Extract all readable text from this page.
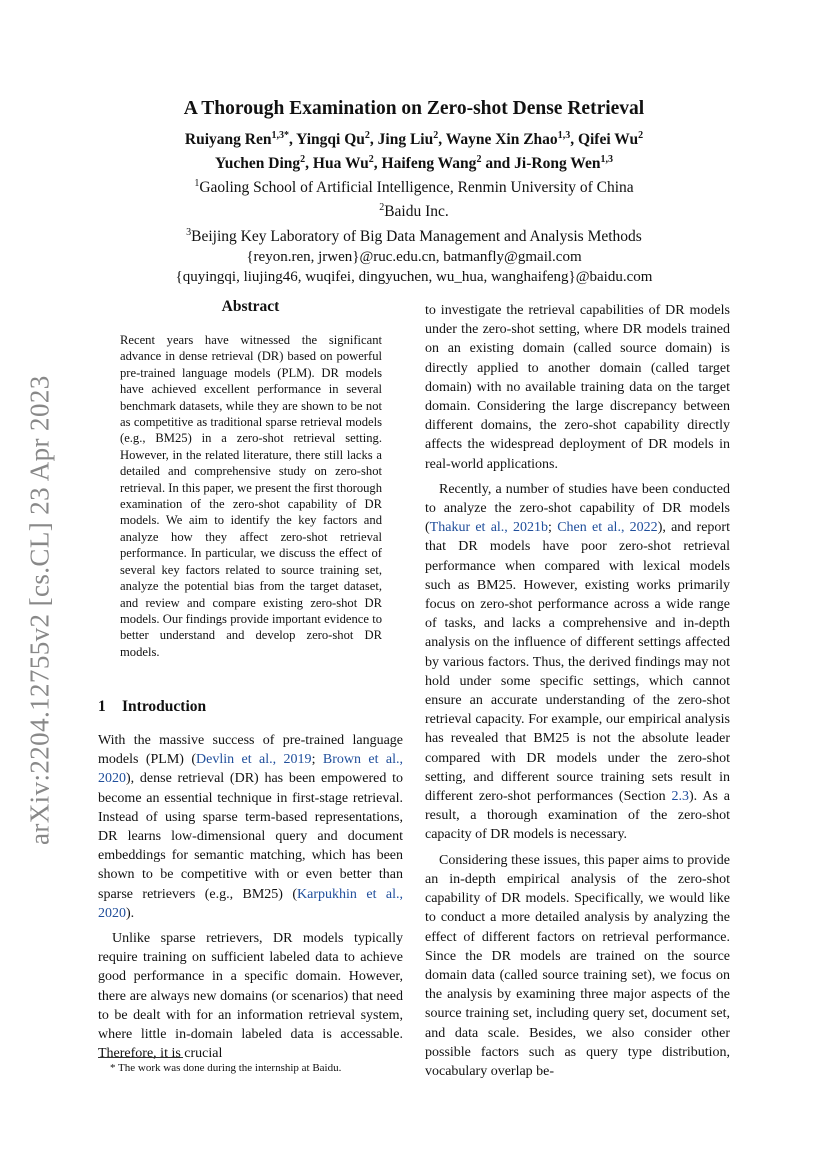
arXiv:2204.12755v2 [cs.CL] 23 Apr 2023
A Thorough Examination on Zero-shot Dense Retrieval
Ruiyang Ren$^{1,3*}$, Yingqi Qu$^2$, Jing Liu$^2$, Wayne Xin Zhao$^{1,3}$, Qifei Wu$^2$
Yuchen Ding$^2$, Hua Wu$^2$, Haifeng Wang$^2$ and Ji-Rong Wen$^{1,3}$
$^1$Gaoling School of Artificial Intelligence, Renmin University of China
$^2$Baidu Inc.
$^3$Beijing Key Laboratory of Big Data Management and Analysis Methods
{reyon.ren, jrwen}@ruc.edu.cn, batmanfly@gmail.com
{quyingqi, liujing46, wuqifei, dingyuchen, wu_hua, wanghaifeng}@baidu.com
Abstract
Recent years have witnessed the significant advance in dense retrieval (DR) based on powerful pre-trained language models (PLM). DR models have achieved excellent performance in several benchmark datasets, while they are shown to be not as competitive as traditional sparse retrieval models (e.g., BM25) in a zero-shot retrieval setting. However, in the related literature, there still lacks a detailed and comprehensive study on zero-shot retrieval. In this paper, we present the first thorough examination of the zero-shot capability of DR models. We aim to identify the key factors and analyze how they affect zero-shot retrieval performance. In particular, we discuss the effect of several key factors related to source training set, analyze the potential bias from the target dataset, and review and compare existing zero-shot DR models. Our findings provide important evidence to better understand and develop zero-shot DR models.
1 Introduction

With the massive success of pre-trained language models (PLM) (Devlin et al., 2019; Brown et al., 2020), dense retrieval (DR) has been empowered to become an essential technique in first-stage retrieval. Instead of using sparse term-based representations, DR learns low-dimensional query and document embeddings for semantic matching, which has been shown to be competitive with or even better than sparse retrievers (e.g., BM25) (Karpukhin et al., 2020).

Unlike sparse retrievers, DR models typically require training on sufficient labeled data to achieve good performance in a specific domain. However, there are always new domains (or scenarios) that need to be dealt with for an information retrieval system, where little in-domain labeled data is accessable. Therefore, it is crucial

to investigate the retrieval capabilities of DR models under the zero-shot setting, where DR models trained on an existing domain (called source domain) is directly applied to another domain (called target domain) with no available training data on the target domain. Considering the large discrepancy between different domains, the zero-shot capability directly affects the widespread deployment of DR models in real-world applications.

Recently, a number of studies have been conducted to analyze the zero-shot capability of DR models (Thakur et al., 2021b; Chen et al., 2022), and report that DR models have poor zero-shot retrieval performance when compared with lexical models such as BM25. However, existing works primarily focus on zero-shot performance across a wide range of tasks, and lacks a comprehensive and in-depth analysis on the influence of different settings affected by various factors. Thus, the derived findings may not hold under some specific settings, which cannot ensure an accurate understanding of the zero-shot retrieval capacity. For example, our empirical analysis has revealed that BM25 is not the absolute leader compared with DR models under the zero-shot setting, and different source training sets result in different zero-shot performances (Section 2.3). As a result, a thorough examination of the zero-shot capacity of DR models is necessary.

Considering these issues, this paper aims to provide an in-depth empirical analysis of the zero-shot capability of DR models. Specifically, we would like to conduct a more detailed analysis by analyzing the effect of different factors on retrieval performance. Since the DR models are trained on the source domain data (called source training set), we focus on the analysis by examining three major aspects of the source training set, including query set, document set, and data scale. Besides, we also consider other possible factors such as query type distribution, vocabulary overlap be-

* The work was done during the internship at Baidu.
